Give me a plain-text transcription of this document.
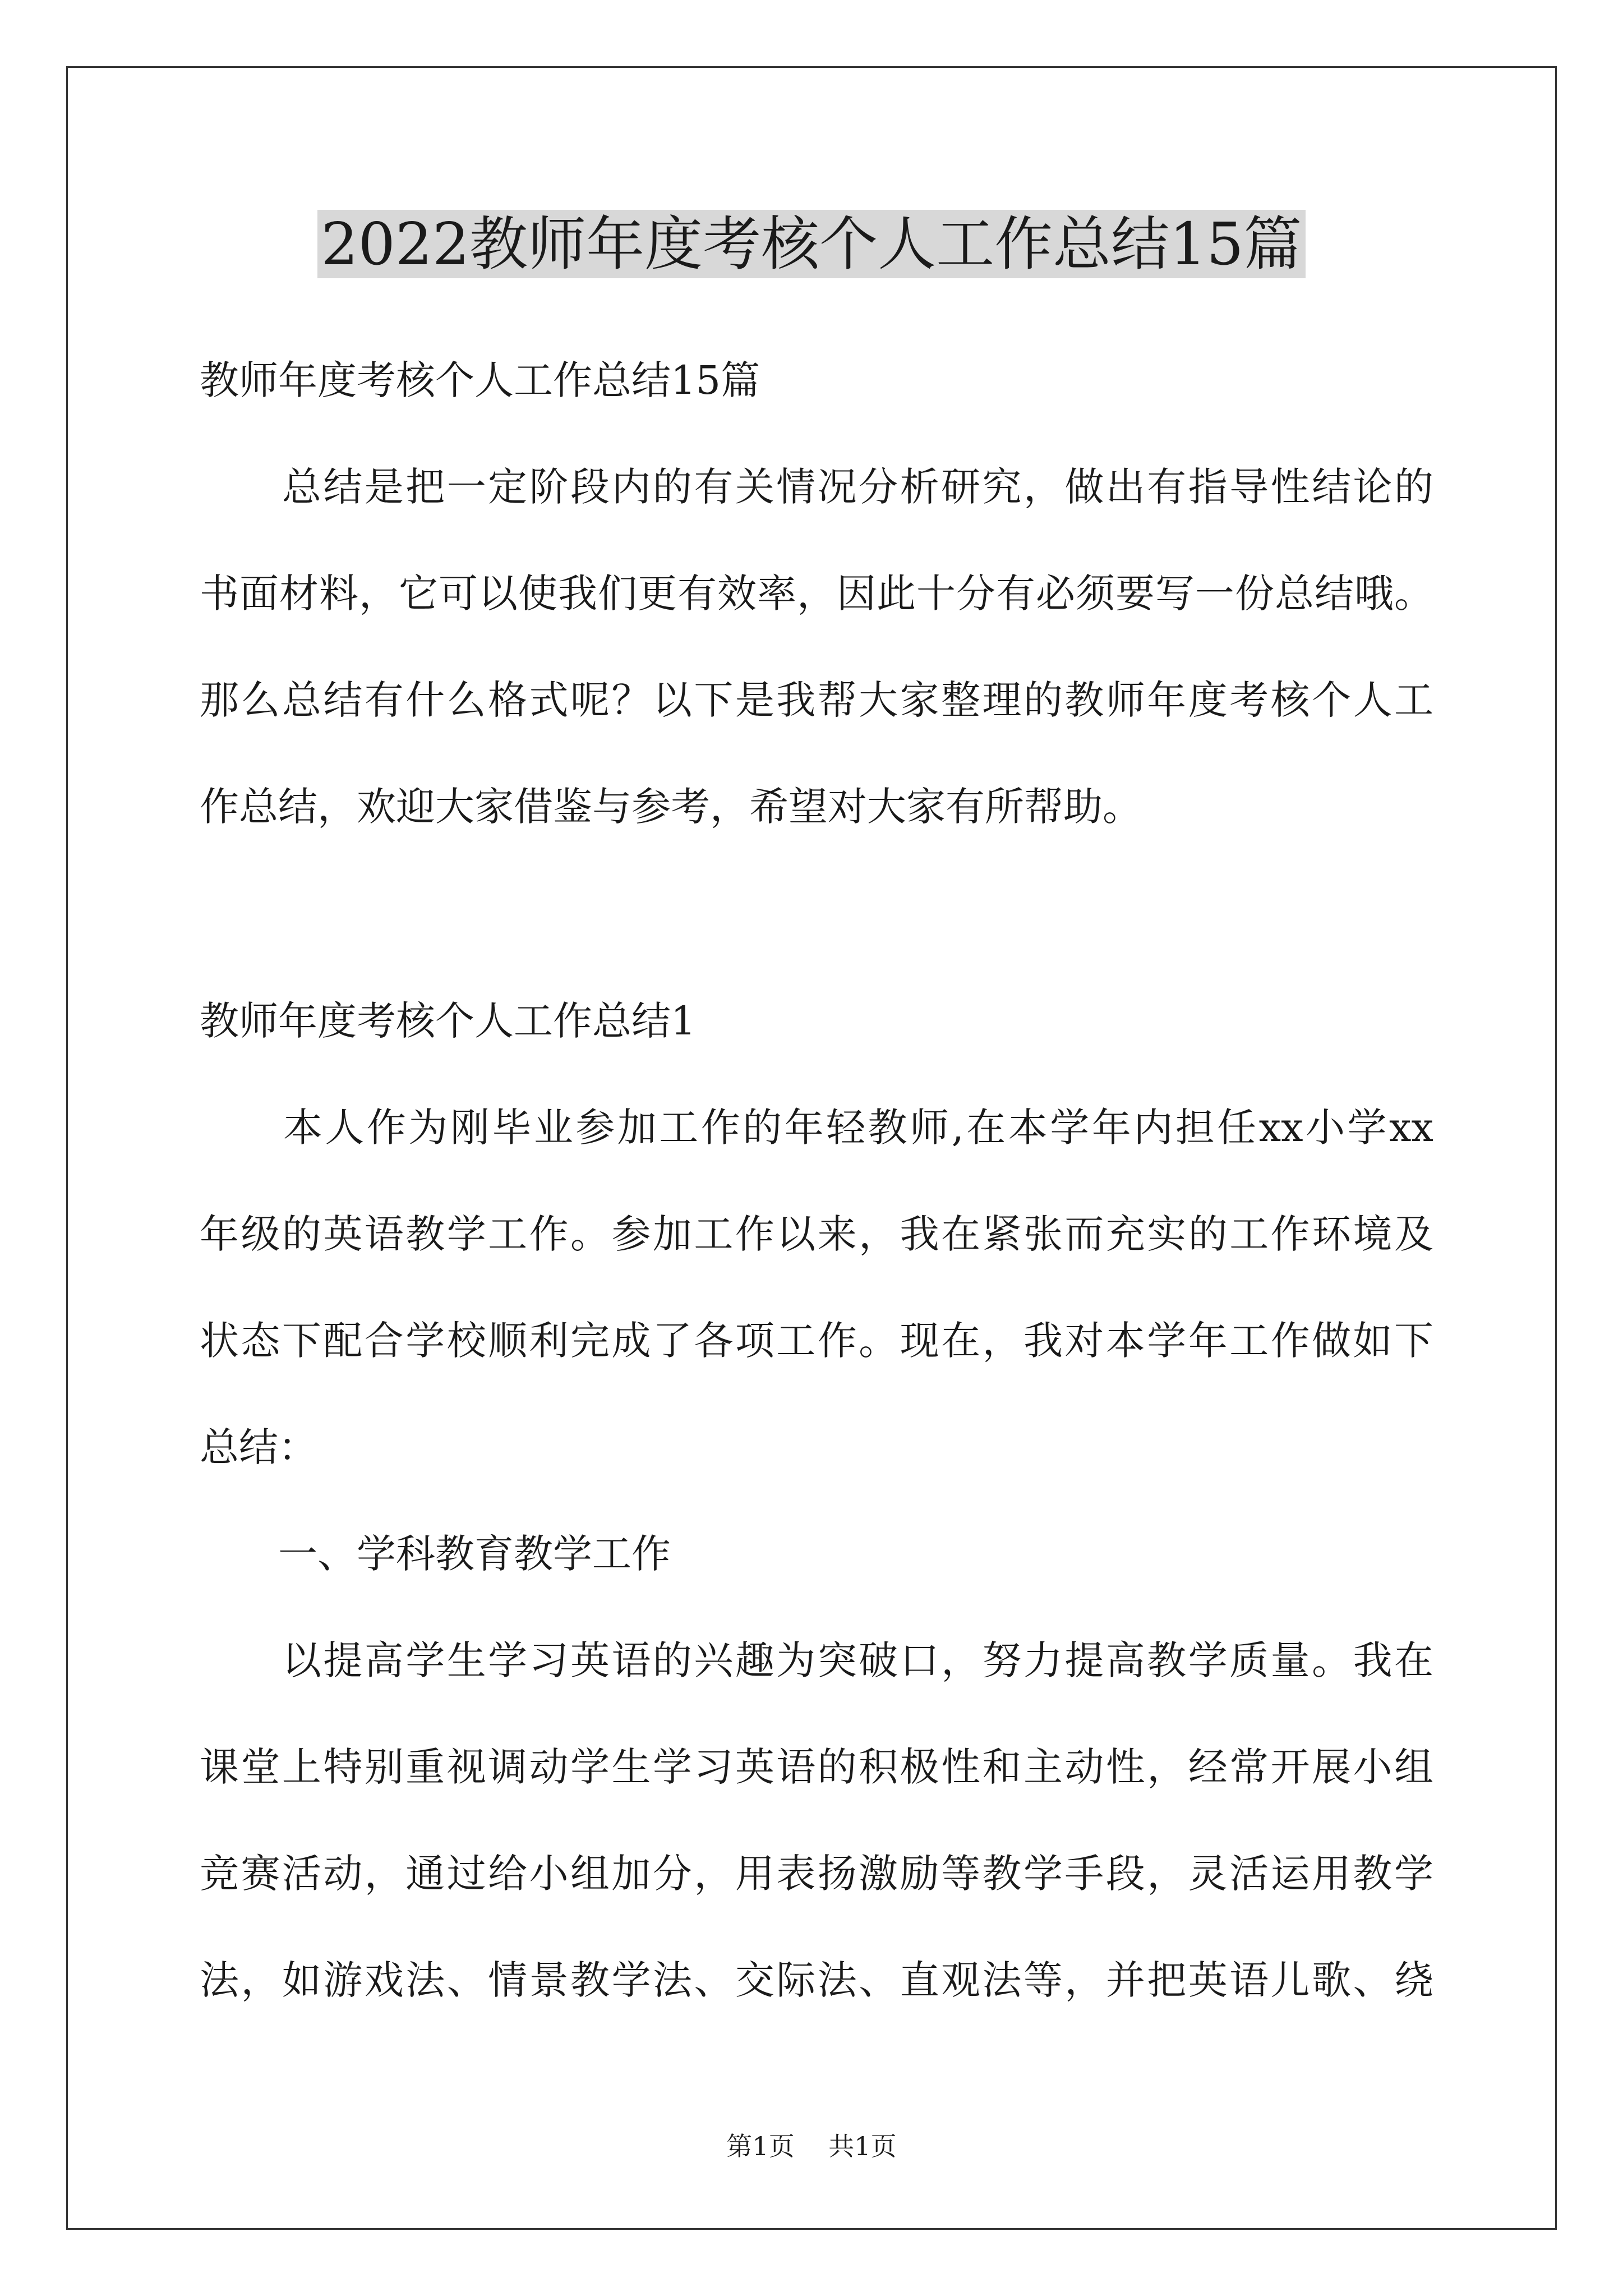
2022教师年度考核个人工作总结15篇

教师年度考核个人工作总结15篇

　　总结是把一定阶段内的有关情况分析研究，做出有指导性结论的

书面材料，它可以使我们更有效率，因此十分有必须要写一份总结哦。

那么总结有什么格式呢？以下是我帮大家整理的教师年度考核个人工

作总结，欢迎大家借鉴与参考，希望对大家有所帮助。

教师年度考核个人工作总结1

　　本人作为刚毕业参加工作的年轻教师,在本学年内担任xx小学xx

年级的英语教学工作。参加工作以来，我在紧张而充实的工作环境及

状态下配合学校顺利完成了各项工作。现在，我对本学年工作做如下

总结：

　　一、学科教育教学工作

　　以提高学生学习英语的兴趣为突破口，努力提高教学质量。我在

课堂上特别重视调动学生学习英语的积极性和主动性，经常开展小组

竞赛活动，通过给小组加分，用表扬激励等教学手段，灵活运用教学

法，如游戏法、情景教学法、交际法、直观法等，并把英语儿歌、绕

第1页　 共1页
